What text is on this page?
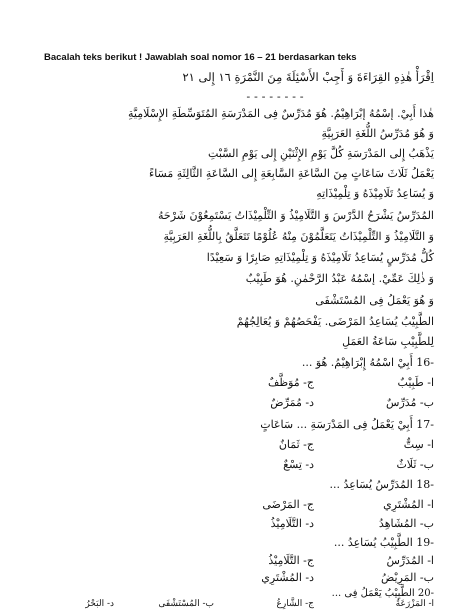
Bacalah teks berikut ! Jawablah soal nomor 16 – 21 berdasarkan teks
اِقْرَأْ هٰذِهِ القِرَاءَةَ وَ أَجِبْ الأَسْئِلَةَ مِنَ النَّمْرَةِ ١٦ إِلى ٢١
--------
هٰذا أَبِيْ. إسْمُهُ إبْرَاهِيْمُ. هُوَ مُدَرِّسٌ فِى المَدْرَسَةِ المُتَوَسِّطَةِ الإِسْلَامِيَّةِ
وَ هُوَ مُدَرِّسُ اللُّغَةِ العَرَبِيَّةِ
يَذْهَبُ إِلى المَدْرَسَةِ كُلَّ يَوْمِ الإِثْنَيْنِ إِلى يَوْمِ السَّبْتِ
يَعْمَلُ ثَلَاثَ سَاعَاتٍ مِنَ السَّاعَةِ السَّابِعَةِ إِلى السَّاعَةِ الثَّالِثَةِ مَسَاءً
وَ يُسَاعِدُ تَلَامِيْذَهُ وَ تِلْمِيْذَاتِهِ
المُدَرِّسُ يَشْرَحُ الدَّرْسَ وَ التَّلَامِيْذُ وَ التِّلْمِيْذَاتُ يَسْتَمِعُوْنَ شَرْحَهُ
وَ التَّلَامِيْذُ وَ التِّلْمِيْذَاتُ يَتَعَلَّمُوْنَ مِنْهُ عُلُوْمًا تَتَعَلَّقُ بِاللُّغَةِ العَرَبِيَّةِ
كُلُّ مُدَرِّسٍ يُسَاعِدُ تَلَامِيْذَهُ وَ تِلْمِيْذَاتِهِ صَابِرًا وَ سَعِيْدًا
وَ ذٰلِكَ عَمِّيْ. إسْمُهُ عَبْدُ الرَّحْمٰنِ. هُوَ طَبِيْبٌ
وَ هُوَ يَعْمَلُ فِى المُسْتَشْفَى
الطَّبِيْبُ يُسَاعِدُ المَرْضَى. يَفْحَصُهُمْ وَ يُعَالِجُهُمْ
لِلطَّبِيْبِ سَاعَةُ العَمَلِ
-16 أَبِيْ اسْمُهُ إِبْرَاهِيْمُ. هُوَ ...
ا- طَبِيْبٌ
ج- مُوَظَّفٌ
ب- مُدَرِّسٌ
د- مُمَرِّضٌ
-17 أَبِيْ يَعْمَلُ فِى المَدْرَسَةِ ... سَاعَاتٍ
ا- سِتٌّ
ج- ثَمَانٌ
ب- ثَلَاثٌ
د- تِسْعٌ
-18 المُدَرِّسُ يُسَاعِدُ ...
ا- المُشْتَرِي
ج- المَرْضَى
ب- المُشَاهِدُ
د- التَّلَامِيْذُ
-19 الطَّبِيْبُ يُسَاعِدُ ...
ا- المُدَرِّسُ
ج- التَّلَامِيْذُ
ب- المَرِيْضُ
د- المُشْتَرِي
-20 الطَّبِيْبُ يَعْمَلُ فِى ...
ا- المَزْرَعَةُ
ج- الشَّارِعُ
ب- المُسْتَشْفَى
د- البَحْرُ
